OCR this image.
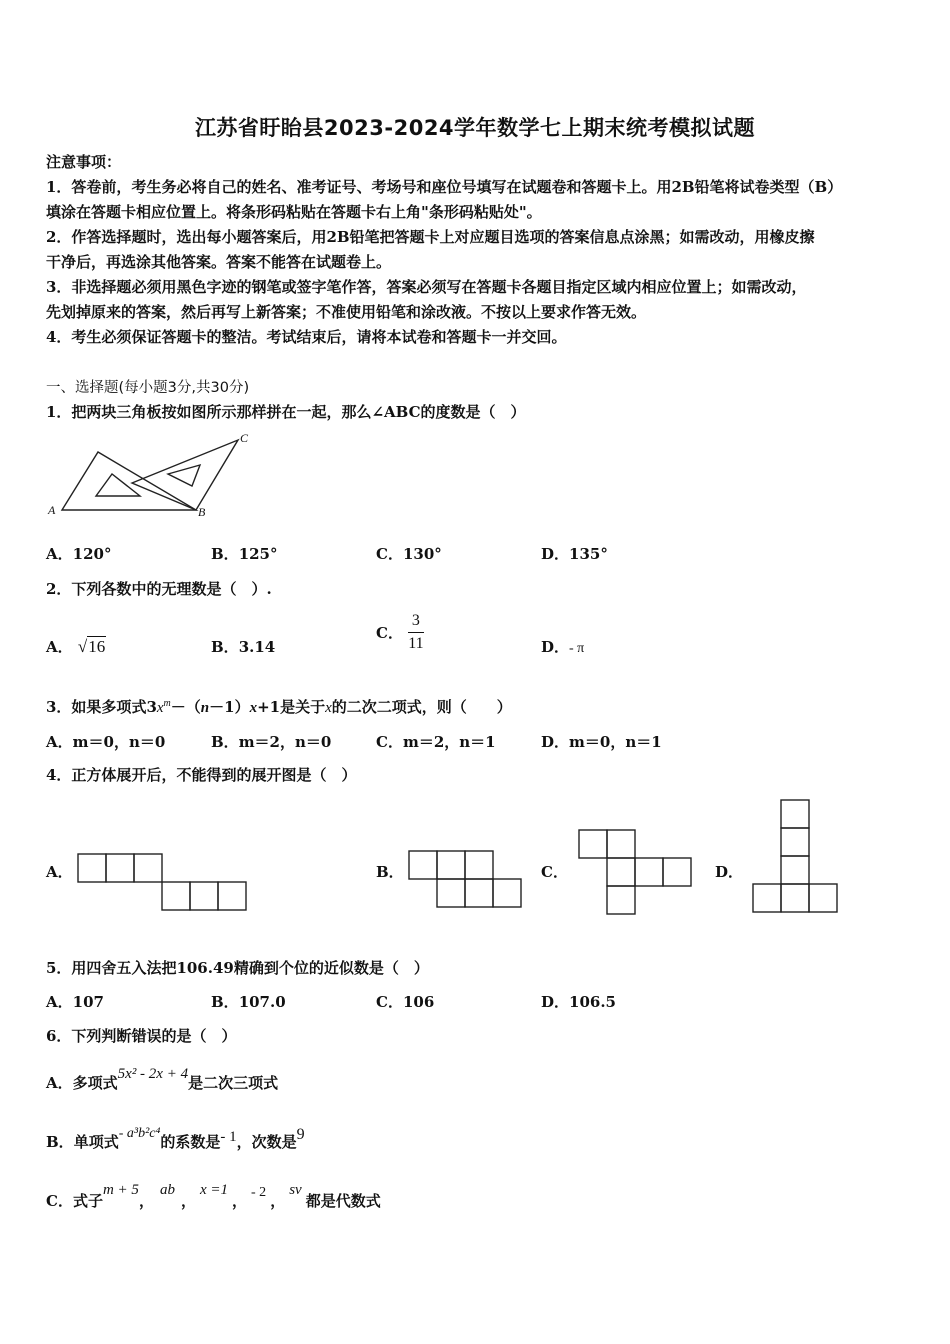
江苏省盱眙县2023-2024学年数学七上期末统考模拟试题
注意事项：
1．答卷前，考生务必将自己的姓名、准考证号、考场号和座位号填写在试题卷和答题卡上。用2B铅笔将试卷类型（B）
填涂在答题卡相应位置上。将条形码粘贴在答题卡右上角"条形码粘贴处"。
2．作答选择题时，选出每小题答案后，用2B铅笔把答题卡上对应题目选项的答案信息点涂黑；如需改动，用橡皮擦
干净后，再选涂其他答案。答案不能答在试题卷上。
3．非选择题必须用黑色字迹的钢笔或签字笔作答，答案必须写在答题卡各题目指定区域内相应位置上；如需改动，
先划掉原来的答案，然后再写上新答案；不准使用铅笔和涂改液。不按以上要求作答无效。
4．考生必须保证答题卡的整洁。考试结束后，请将本试卷和答题卡一并交回。
一、选择题(每小题3分,共30分)
1．把两块三角板按如图所示那样拼在一起，那么∠ABC的度数是（　）
A	B
C
A．120°	B．125°	C．130°	D．135°
2．下列各数中的无理数是（　）.
A． √16	B．3.14
C． $\frac{3}{11}$	D．- π
3．如果多项式$3x^m-(n-1)x+1$是关于x的二次二项式，则（　　）
A．m＝0，n＝0	B．m＝2，n＝0	C．m＝2，n＝1	D．m＝0，n＝1
4．正方体展开后，不能得到的展开图是（　）
A．	B．	C．	D．
5．用四舍五入法把106.49精确到个位的近似数是（　）
A．107	B．107.0	C．106	D．106.5
6．下列判断错误的是（　）
A．多项式5x² - 2x + 4是二次三项式
B．单项式- a³b²c⁴的系数是- 1，次数是9
C．式子m + 5，ab，x =1， - 2 ，sv都是代数式
